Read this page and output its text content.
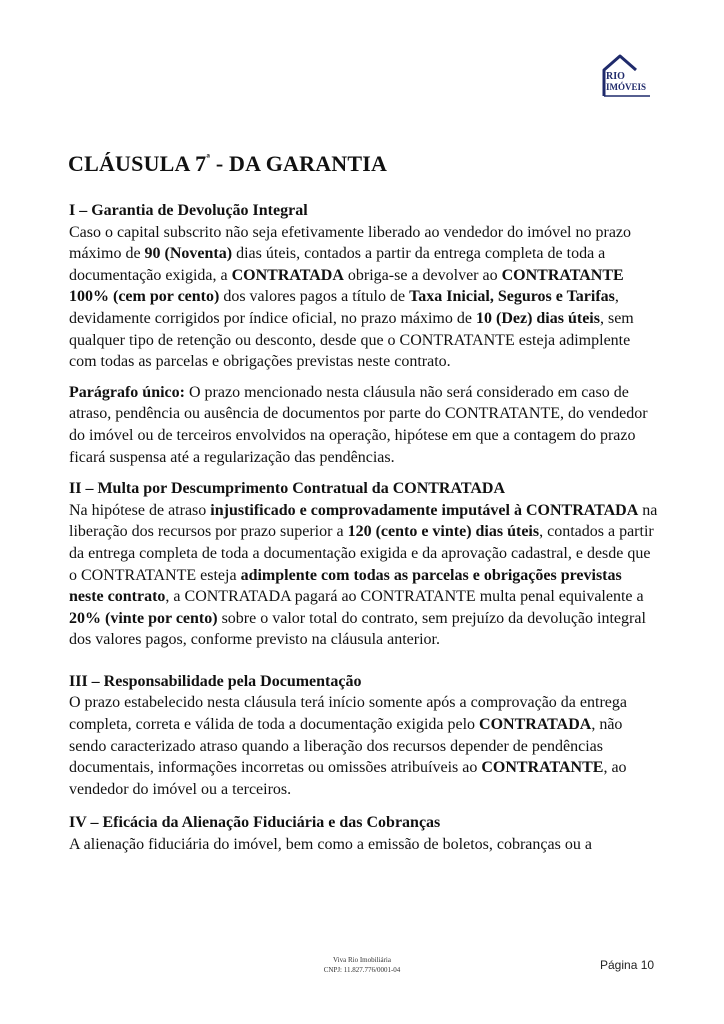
RIO
IMÓVEIS
CLÁUSULA $7^ª$ - DA GARANTIA

I – Garantia de Devolução Integral

Caso o capital subscrito não seja efetivamente liberado ao vendedor do imóvel no prazo máximo de 90 (Noventa) dias úteis, contados a partir da entrega completa de toda a documentação exigida, a CONTRATADA obriga-se a devolver ao CONTRATANTE 100% (cem por cento) dos valores pagos a título de Taxa Inicial, Seguros e Tarifas, devidamente corrigidos por índice oficial, no prazo máximo de 10 (Dez) dias úteis, sem qualquer tipo de retenção ou desconto, desde que o CONTRATANTE esteja adimplente com todas as parcelas e obrigações previstas neste contrato.

Parágrafo único: O prazo mencionado nesta cláusula não será considerado em caso de atraso, pendência ou ausência de documentos por parte do CONTRATANTE, do vendedor do imóvel ou de terceiros envolvidos na operação, hipótese em que a contagem do prazo ficará suspensa até a regularização das pendências.

II – Multa por Descumprimento Contratual da CONTRATADA

Na hipótese de atraso injustificado e comprovadamente imputável à CONTRATADA na liberação dos recursos por prazo superior a 120 (cento e vinte) dias úteis, contados a partir da entrega completa de toda a documentação exigida e da aprovação cadastral, e desde que o CONTRATANTE esteja adimplente com todas as parcelas e obrigações previstas neste contrato, a CONTRATADA pagará ao CONTRATANTE multa penal equivalente a 20% (vinte por cento) sobre o valor total do contrato, sem prejuízo da devolução integral dos valores pagos, conforme previsto na cláusula anterior.

III – Responsabilidade pela Documentação

O prazo estabelecido nesta cláusula terá início somente após a comprovação da entrega completa, correta e válida de toda a documentação exigida pelo CONTRATADA, não sendo caracterizado atraso quando a liberação dos recursos depender de pendências documentais, informações incorretas ou omissões atribuíveis ao CONTRATANTE, ao vendedor do imóvel ou a terceiros.

IV – Eficácia da Alienação Fiduciária e das Cobranças

A alienação fiduciária do imóvel, bem como a emissão de boletos, cobranças ou a

Viva Rio Imobiliária
CNPJ: 11.827.776/0001-04	Página 10
